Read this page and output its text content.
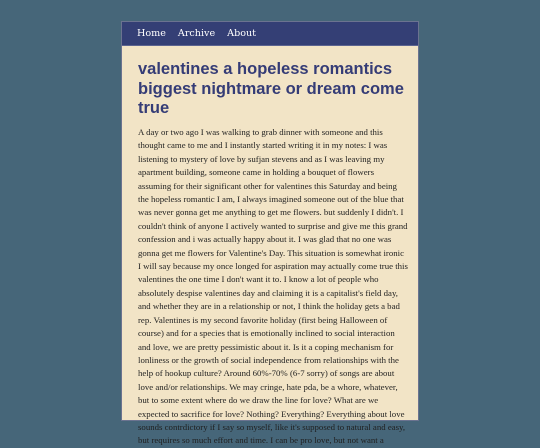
Home Archive About
valentines a hopeless romantics biggest nightmare or dream come true

A day or two ago I was walking to grab dinner with someone and this thought came to me and I instantly started writing it in my notes: I was listening to mystery of love by sufjan stevens and as I was leaving my apartment building, someone came in holding a bouquet of flowers assuming for their significant other for valentines this Saturday and being the hopeless romantic I am, I always imagined someone out of the blue that was never gonna get me anything to get me flowers. but suddenly I didn't. I couldn't think of anyone I actively wanted to surprise and give me this grand confession and i was actually happy about it. I was glad that no one was gonna get me flowers for Valentine's Day. This situation is somewhat ironic I will say because my once longed for aspiration may actually come true this valentines the one time I don't want it to. I know a lot of people who absolutely despise valentines day and claiming it is a capitalist's field day, and whether they are in a relationship or not, I think the holiday gets a bad rep. Valentines is my second favorite holiday (first being Halloween of course) and for a species that is emotionally inclined to social interaction and love, we are pretty pessimistic about it. Is it a coping mechanism for lonliness or the growth of social independence from relationships with the help of hookup culture? Around 60%-70% (6-7 sorry) of songs are about love and/or relationships. We may cringe, hate pda, be a whore, whatever, but to some extent where do we draw the line for love? What are we expected to sacrifice for love? Nothing? Everything? Everything about love sounds contrdictory if I say so myself, like it's supposed to natural and easy, but requires so much effort and time. I can be pro love, but not want a
